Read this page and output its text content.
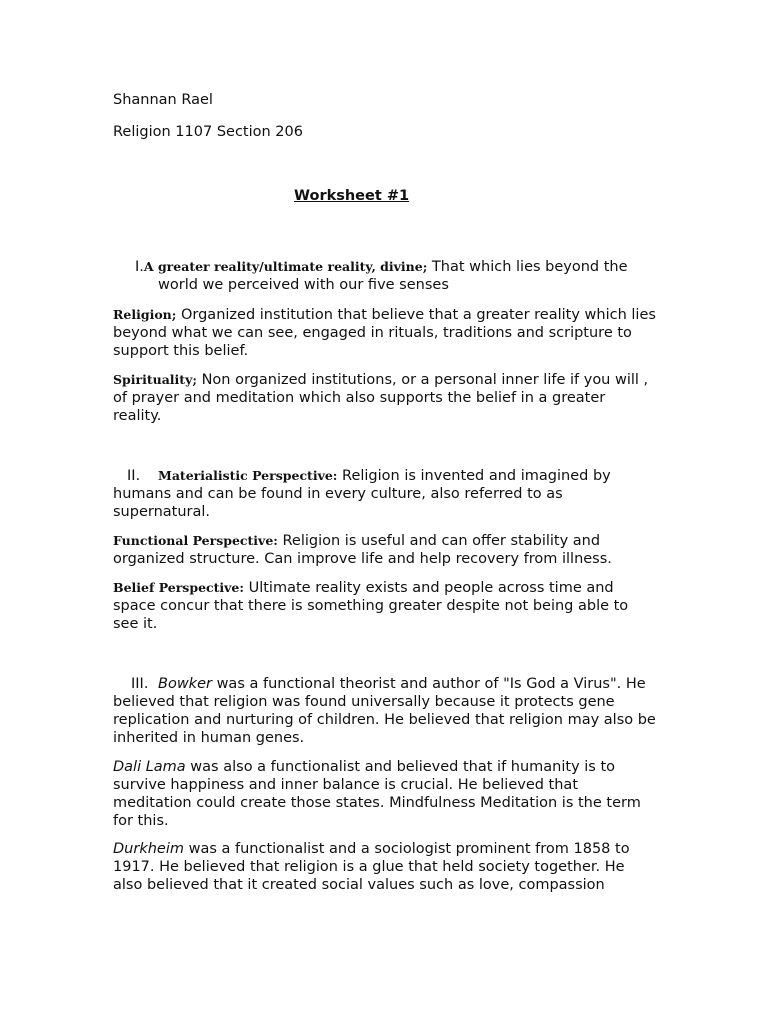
Shannan Rael
Religion 1107 Section 206
Worksheet #1
I.A greater reality/ultimate reality, divine; That which lies beyond the
world we perceived with our five senses
Religion; Organized institution that believe that a greater reality which lies beyond what we can see, engaged in rituals, traditions and scripture to support this belief.
Spirituality; Non organized institutions, or a personal inner life if you will , of prayer and meditation which also supports the belief in a greater reality.
II. Materialistic Perspective: Religion is invented and imagined by humans and can be found in every culture, also referred to as supernatural.
Functional Perspective: Religion is useful and can offer stability and organized structure. Can improve life and help recovery from illness.
Belief Perspective: Ultimate reality exists and people across time and space concur that there is something greater despite not being able to see it.
III. Bowker was a functional theorist and author of "Is God a Virus". He believed that religion was found universally because it protects gene replication and nurturing of children. He believed that religion may also be inherited in human genes.
Dali Lama was also a functionalist and believed that if humanity is to survive happiness and inner balance is crucial. He believed that meditation could create those states. Mindfulness Meditation is the term for this.
Durkheim was a functionalist and a sociologist prominent from 1858 to 1917. He believed that religion is a glue that held society together. He also believed that it created social values such as love, compassion
